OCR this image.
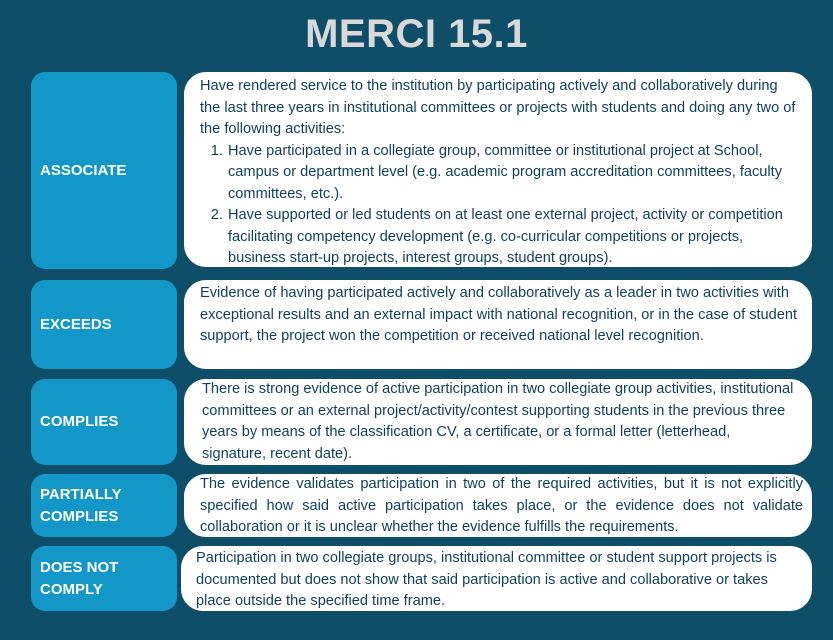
MERCI 15.1
ASSOCIATE

Have rendered service to the institution by participating actively and collaboratively during the last three years in institutional committees or projects with students and doing any two of the following activities:

1. Have participated in a collegiate group, committee or institutional project at School, campus or department level (e.g. academic program accreditation committees, faculty committees, etc.).
2. Have supported or led students on at least one external project, activity or competition facilitating competency development (e.g. co-curricular competitions or projects, business start-up projects, interest groups, student groups).
EXCEEDS

Evidence of having participated actively and collaboratively as a leader in two activities with exceptional results and an external impact with national recognition, or in the case of student support, the project won the competition or received national level recognition.

COMPLIES

There is strong evidence of active participation in two collegiate group activities, institutional committees or an external project/activity/contest supporting students in the previous three years by means of the classification CV, a certificate, or a formal letter (letterhead, signature, recent date).

PARTIALLY COMPLIES

The evidence validates participation in two of the required activities, but it is not explicitly specified how said active participation takes place, or the evidence does not validate collaboration or it is unclear whether the evidence fulfills the requirements.

DOES NOT COMPLY

Participation in two collegiate groups, institutional committee or student support projects is documented but does not show that said participation is active and collaborative or takes place outside the specified time frame.
